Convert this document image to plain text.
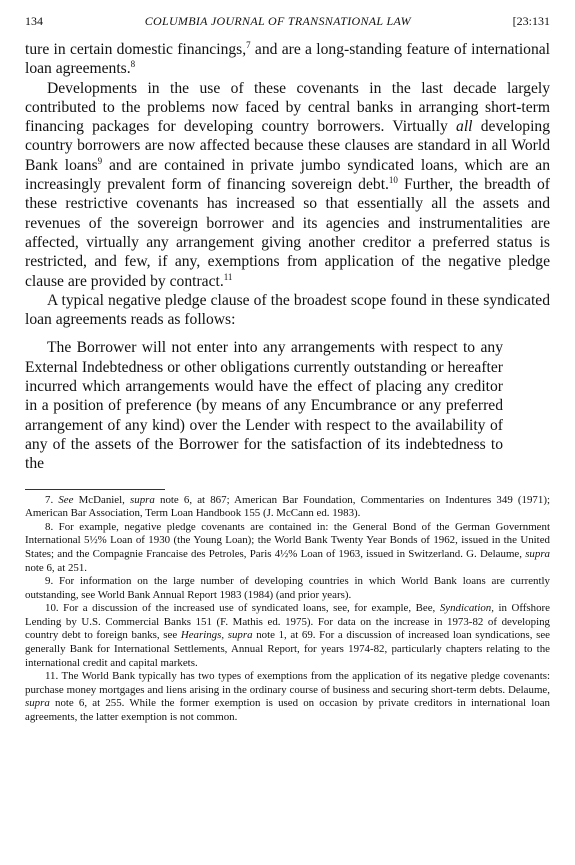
134	COLUMBIA JOURNAL OF TRANSNATIONAL LAW	[23:131

ture in certain domestic financings,$^7$ and are a long-standing feature of international loan agreements.$^8$

Developments in the use of these covenants in the last decade largely contributed to the problems now faced by central banks in arranging short-term financing packages for developing country borrowers. Virtually all developing country borrowers are now affected because these clauses are standard in all World Bank loans$^9$ and are contained in private jumbo syndicated loans, which are an increasingly prevalent form of financing sovereign debt.$^{10}$ Further, the breadth of these restrictive covenants has increased so that essentially all the assets and revenues of the sovereign borrower and its agencies and instrumentalities are affected, virtually any arrangement giving another creditor a preferred status is restricted, and few, if any, exemptions from application of the negative pledge clause are provided by contract.$^{11}$

A typical negative pledge clause of the broadest scope found in these syndicated loan agreements reads as follows:

The Borrower will not enter into any arrangements with respect to any External Indebtedness or other obligations currently outstanding or hereafter incurred which arrangements would have the effect of placing any creditor in a position of preference (by means of any Encumbrance or any preferred arrangement of any kind) over the Lender with respect to the availability of any of the assets of the Borrower for the satisfaction of its indebtedness to the

7. See McDaniel, supra note 6, at 867; American Bar Foundation, Commentaries on Indentures 349 (1971); American Bar Association, Term Loan Handbook 155 (J. McCann ed. 1983).

8. For example, negative pledge covenants are contained in: the General Bond of the German Government International 5½% Loan of 1930 (the Young Loan); the World Bank Twenty Year Bonds of 1962, issued in the United States; and the Compagnie Francaise des Petroles, Paris 4½% Loan of 1963, issued in Switzerland. G. Delaume, supra note 6, at 251.

9. For information on the large number of developing countries in which World Bank loans are currently outstanding, see World Bank Annual Report 1983 (1984) (and prior years).

10. For a discussion of the increased use of syndicated loans, see, for example, Bee, Syndication, in Offshore Lending by U.S. Commercial Banks 151 (F. Mathis ed. 1975). For data on the increase in 1973-82 of developing country debt to foreign banks, see Hearings, supra note 1, at 69. For a discussion of increased loan syndications, see generally Bank for International Settlements, Annual Report, for years 1974-82, particularly chapters relating to the international credit and capital markets.

11. The World Bank typically has two types of exemptions from the application of its negative pledge covenants: purchase money mortgages and liens arising in the ordinary course of business and securing short-term debts. Delaume, supra note 6, at 255. While the former exemption is used on occasion by private creditors in international loan agreements, the latter exemption is not common.
